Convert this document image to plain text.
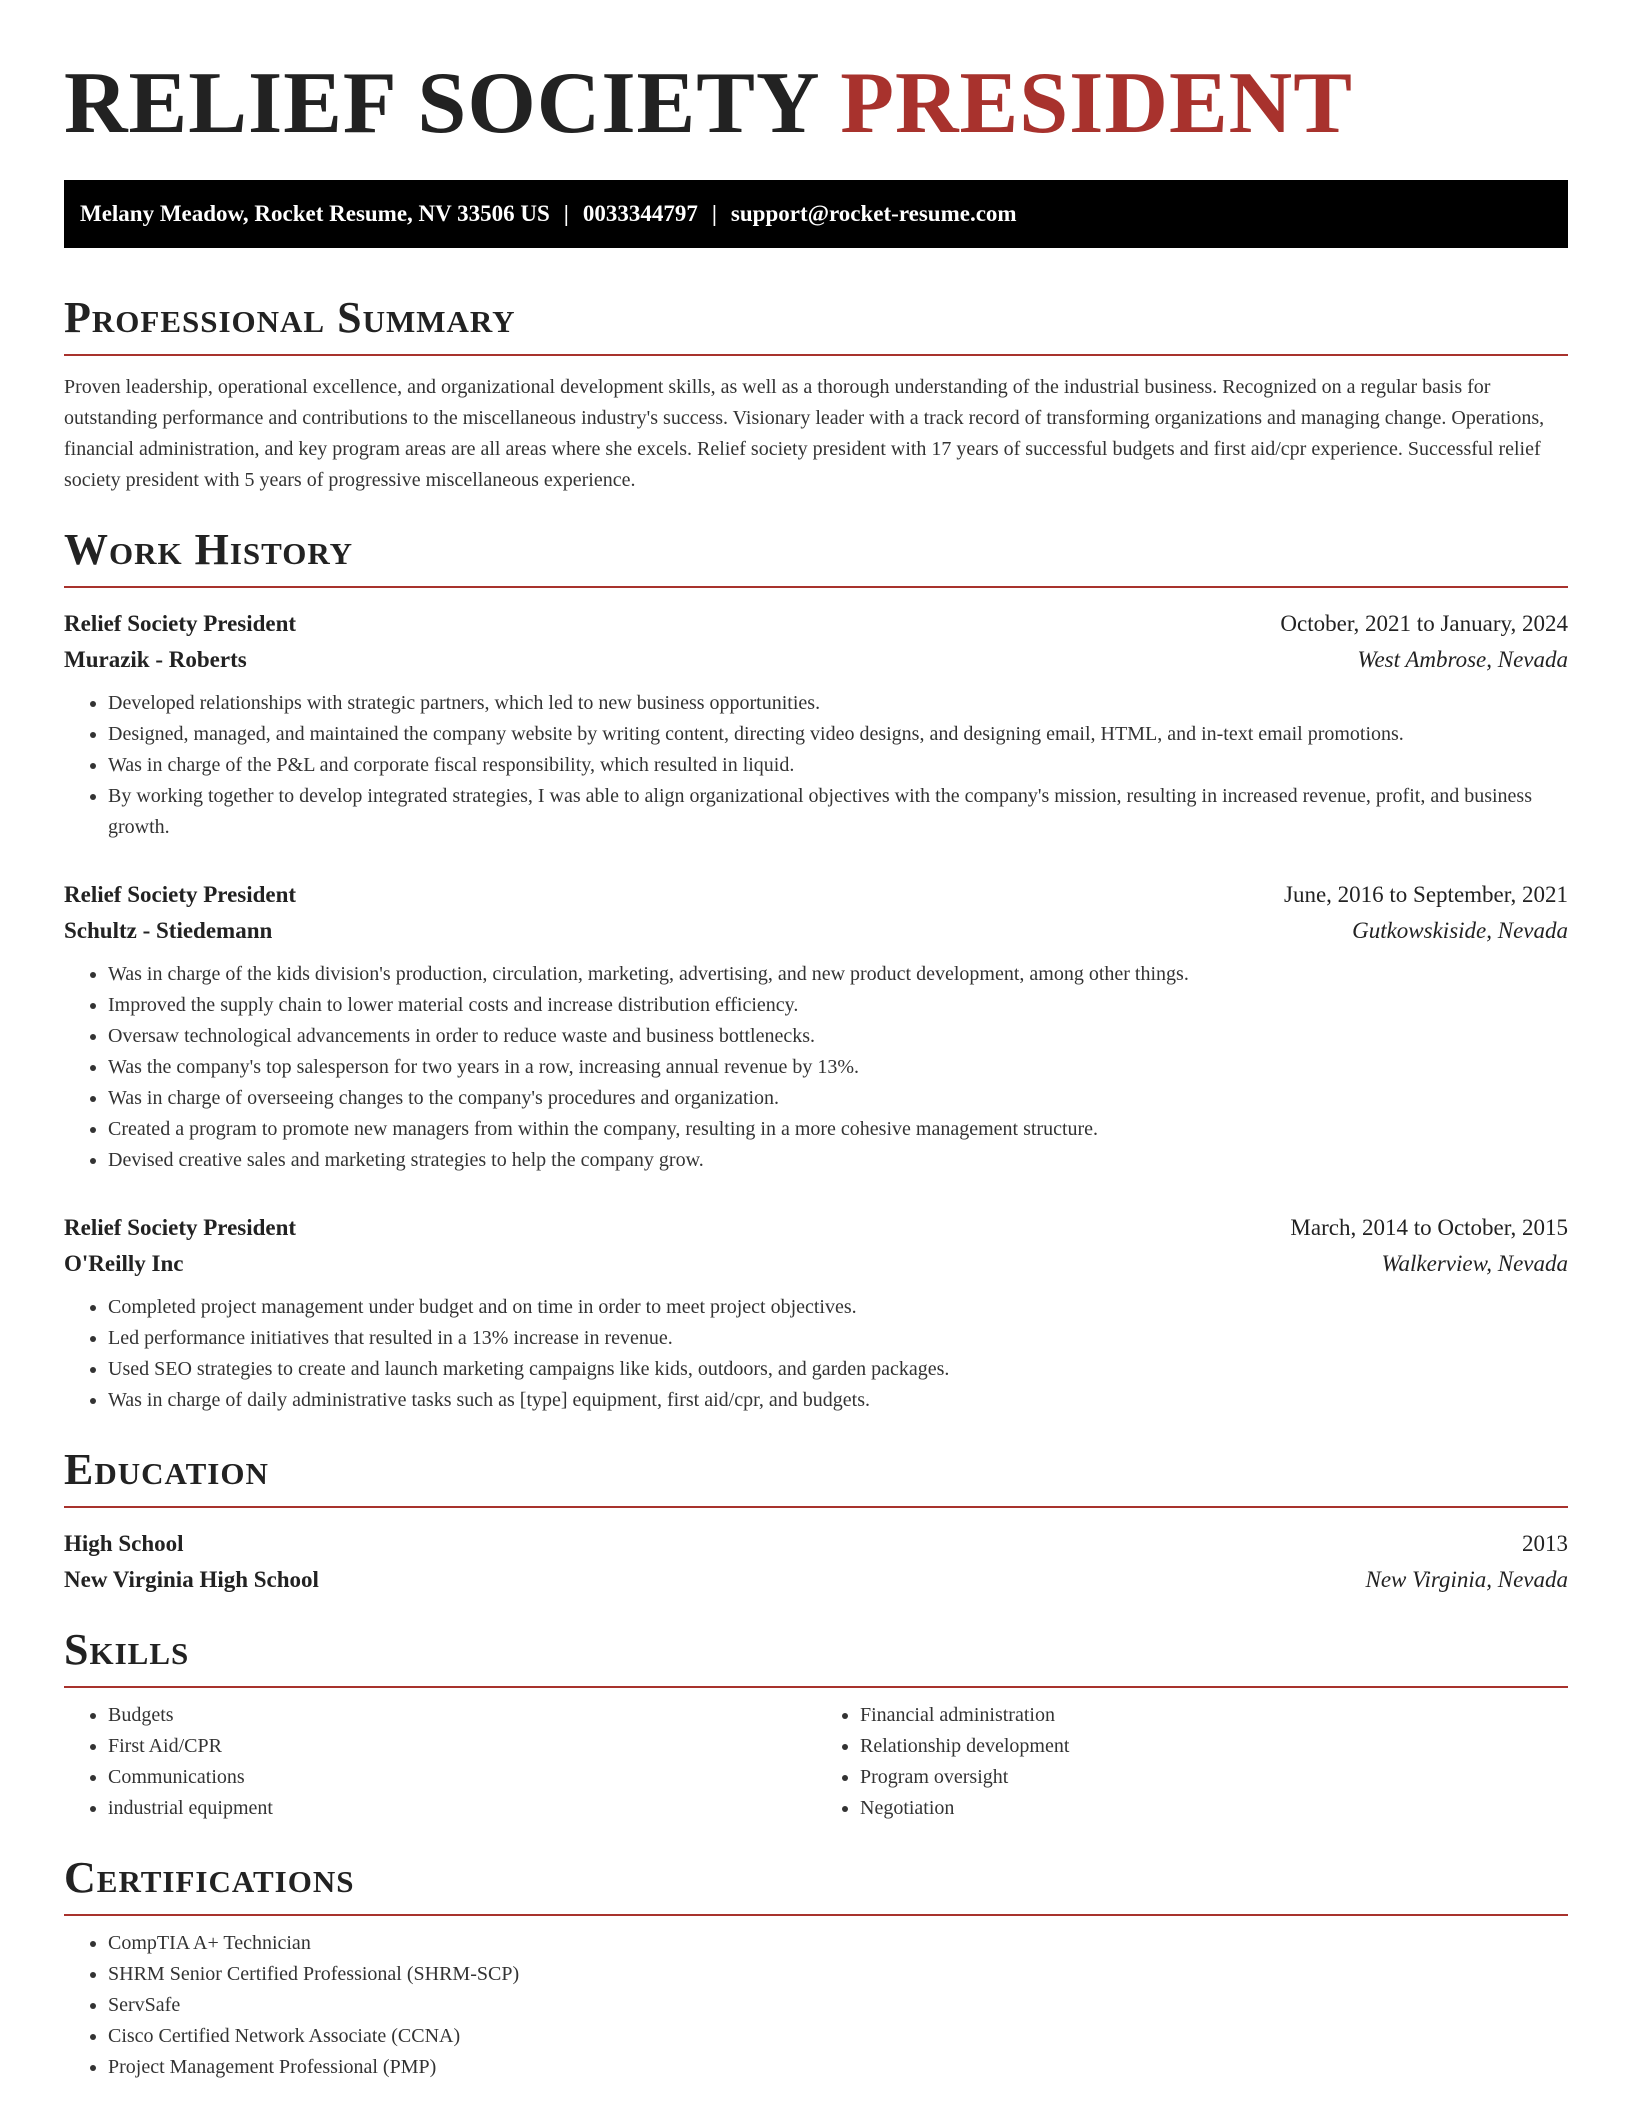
RELIEF SOCIETY PRESIDENT
Melany Meadow, Rocket Resume, NV 33506 US | 0033344797 | support@rocket-resume.com
Professional Summary

Proven leadership, operational excellence, and organizational development skills, as well as a thorough understanding of the industrial business. Recognized on a regular basis for outstanding performance and contributions to the miscellaneous industry's success. Visionary leader with a track record of transforming organizations and managing change. Operations, financial administration, and key program areas are all areas where she excels. Relief society president with 17 years of successful budgets and first aid/cpr experience. Successful relief society president with 5 years of progressive miscellaneous experience.

Work History
Relief Society President	October, 2021 to January, 2024
Murazik - Roberts	West Ambrose, Nevada
• Developed relationships with strategic partners, which led to new business opportunities.
• Designed, managed, and maintained the company website by writing content, directing video designs, and designing email, HTML, and in-text email promotions.
• Was in charge of the P&L and corporate fiscal responsibility, which resulted in liquid.
• By working together to develop integrated strategies, I was able to align organizational objectives with the company's mission, resulting in increased revenue, profit, and business growth.
Relief Society President	June, 2016 to September, 2021
Schultz - Stiedemann	Gutkowskiside, Nevada
• Was in charge of the kids division's production, circulation, marketing, advertising, and new product development, among other things.
• Improved the supply chain to lower material costs and increase distribution efficiency.
• Oversaw technological advancements in order to reduce waste and business bottlenecks.
• Was the company's top salesperson for two years in a row, increasing annual revenue by 13%.
• Was in charge of overseeing changes to the company's procedures and organization.
• Created a program to promote new managers from within the company, resulting in a more cohesive management structure.
• Devised creative sales and marketing strategies to help the company grow.
Relief Society President	March, 2014 to October, 2015
O'Reilly Inc	Walkerview, Nevada
• Completed project management under budget and on time in order to meet project objectives.
• Led performance initiatives that resulted in a 13% increase in revenue.
• Used SEO strategies to create and launch marketing campaigns like kids, outdoors, and garden packages.
• Was in charge of daily administrative tasks such as [type] equipment, first aid/cpr, and budgets.
Education
High School	2013
New Virginia High School	New Virginia, Nevada
Skills
• Budgets
• First Aid/CPR
• Communications
• industrial equipment
• Financial administration
• Relationship development
• Program oversight
• Negotiation
Certifications
• CompTIA A+ Technician
• SHRM Senior Certified Professional (SHRM-SCP)
• ServSafe
• Cisco Certified Network Associate (CCNA)
• Project Management Professional (PMP)
